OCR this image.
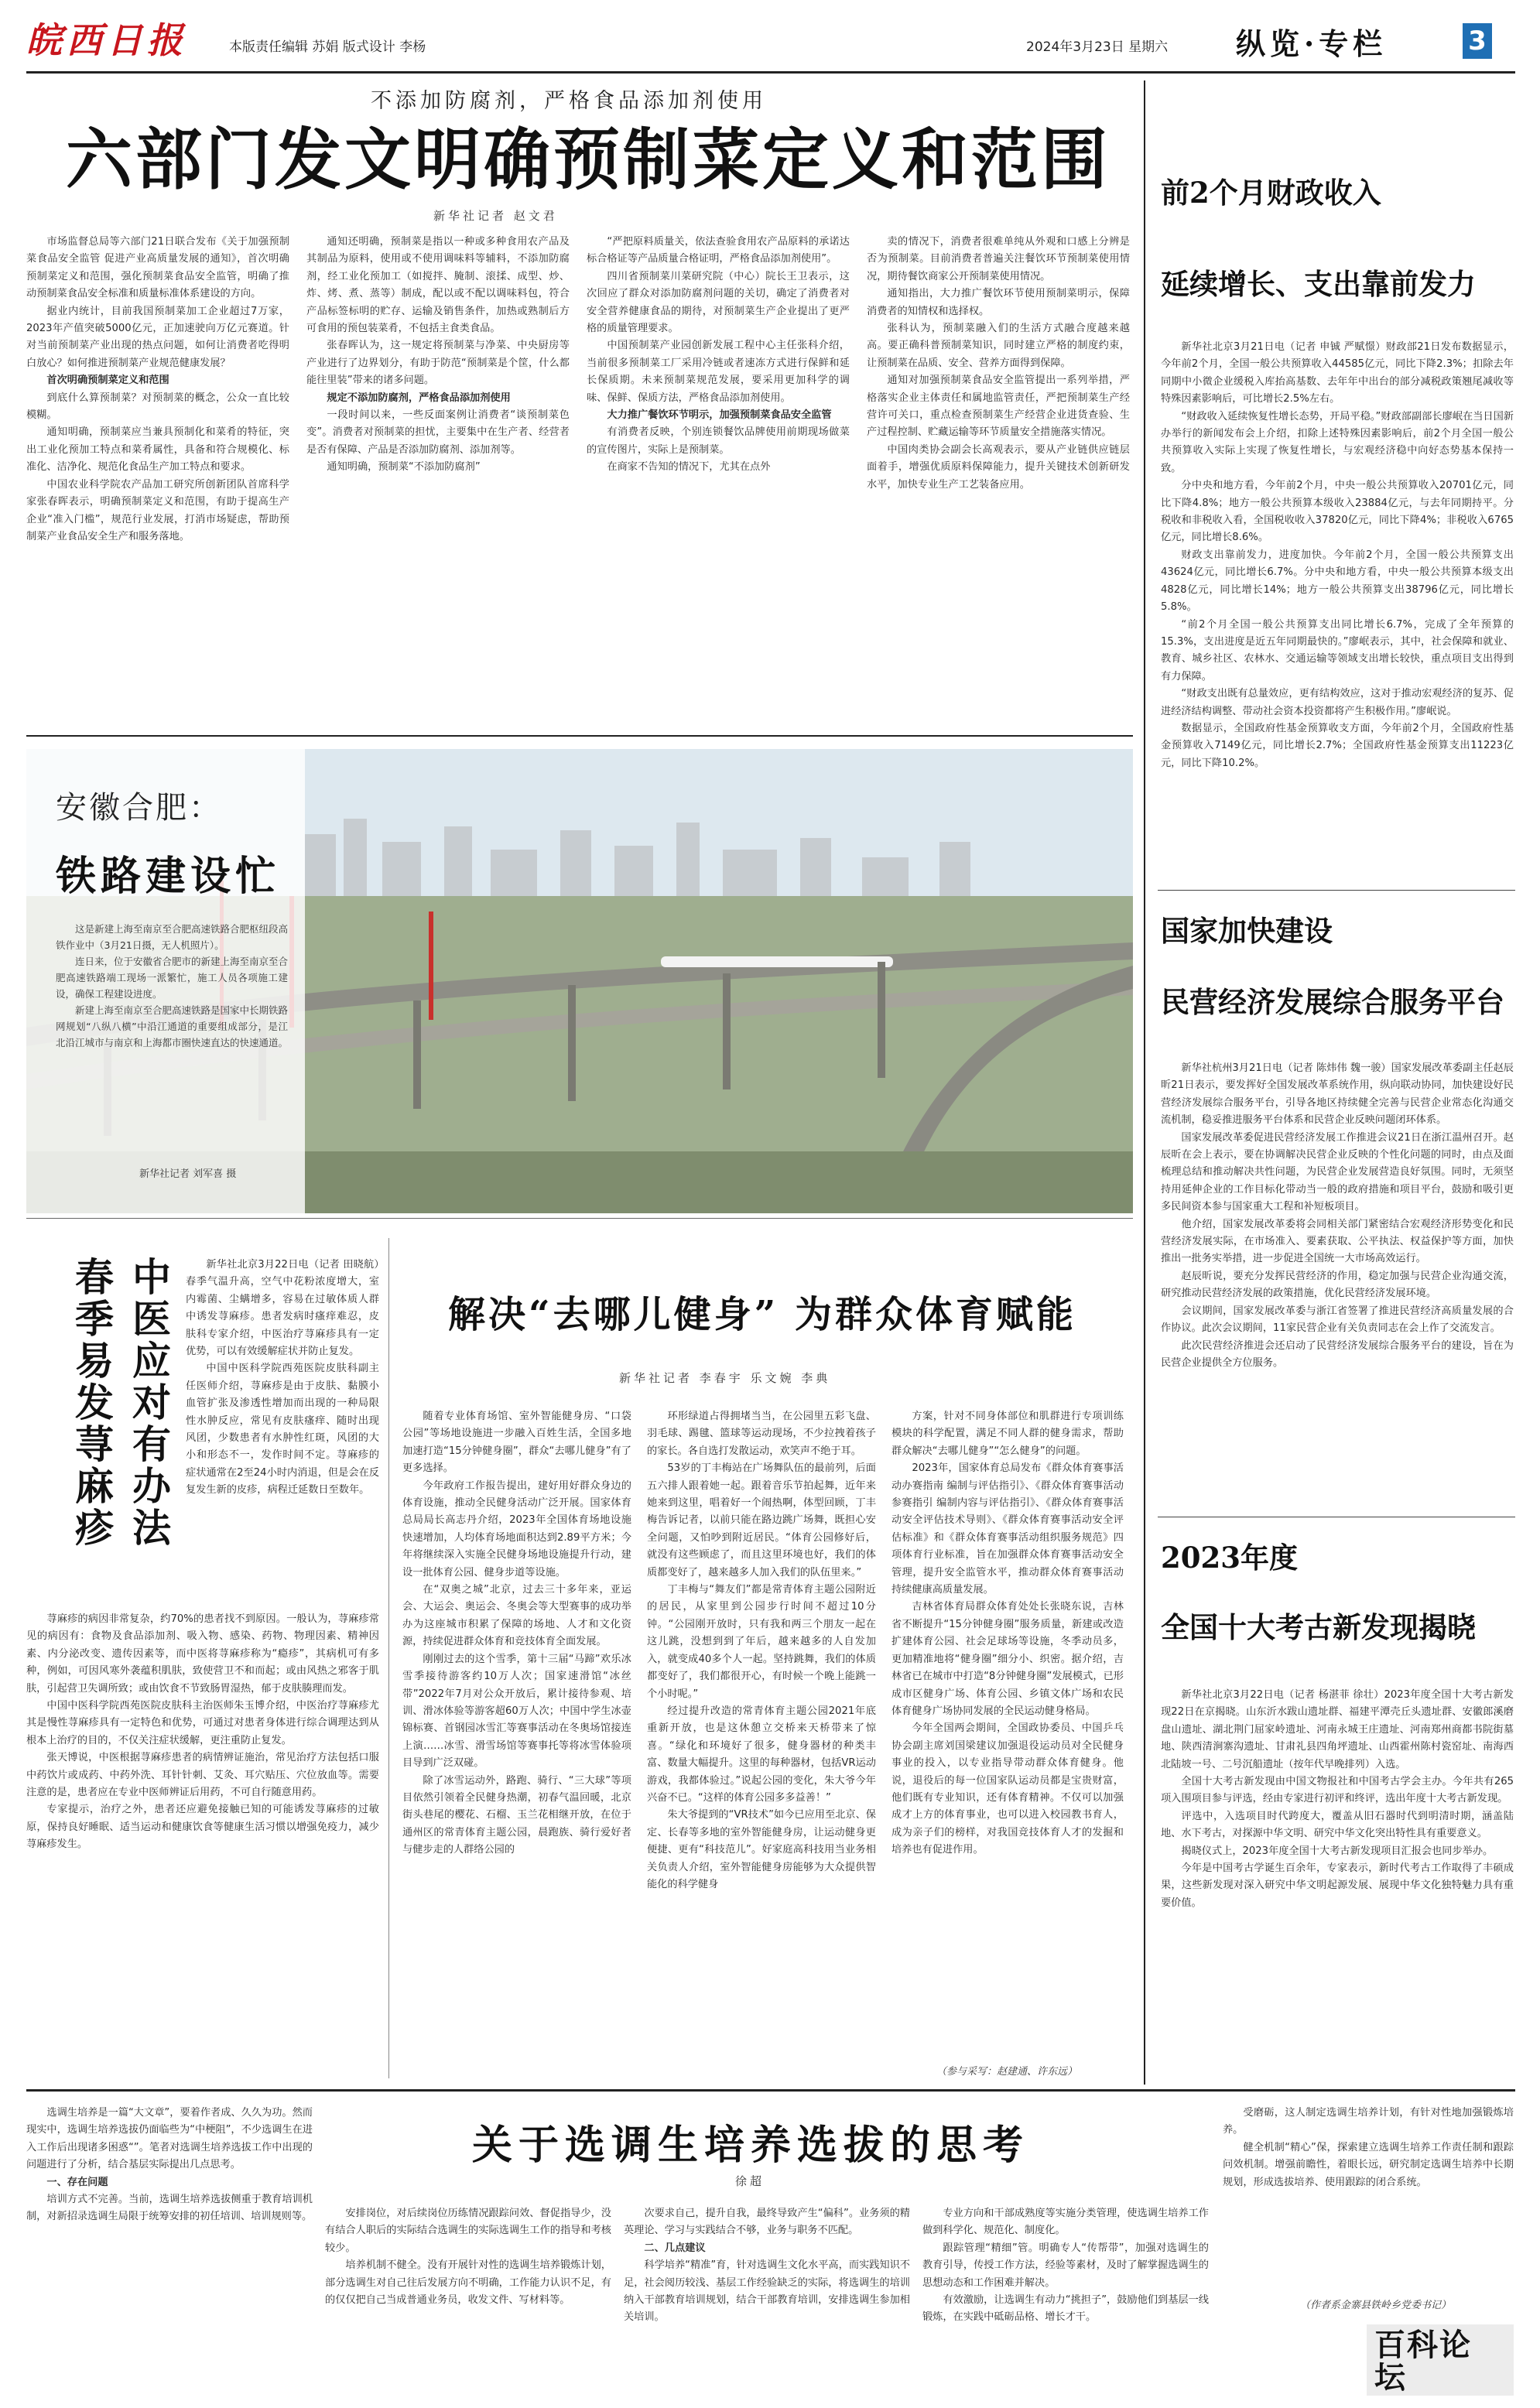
皖西日报	本版责任编辑 苏娟 版式设计 李杨	2024年3月23日 星期六 纵览·专栏	3
不添加防腐剂，严格食品添加剂使用
六部门发文明确预制菜定义和范围
新华社记者 赵文君

市场监督总局等六部门21日联合发布《关于加强预制菜食品安全监管 促进产业高质量发展的通知》，首次明确预制菜定义和范围，强化预制菜食品安全监管，明确了推动预制菜食品安全标准和质量标准体系建设的方向。

据业内统计，目前我国预制菜加工企业超过7万家，2023年产值突破5000亿元，正加速驶向万亿元赛道。针对当前预制菜产业出现的热点问题，如何让消费者吃得明白放心？如何推进预制菜产业规范健康发展？

首次明确预制菜定义和范围

到底什么算预制菜？对预制菜的概念，公众一直比较模糊。

通知明确，预制菜应当兼具预制化和菜肴的特征，突出工业化预加工特点和菜肴属性，具备和符合规模化、标准化、洁净化、规范化食品生产加工特点和要求。

中国农业科学院农产品加工研究所创新团队首席科学家张春晖表示，明确预制菜定义和范围，有助于提高生产企业“准入门槛”，规范行业发展，打消市场疑虑，帮助预制菜产业食品安全生产和服务落地。

通知还明确，预制菜是指以一种或多种食用农产品及其制品为原料，使用或不使用调味料等辅料，不添加防腐剂，经工业化预加工（如搅拌、腌制、滚揉、成型、炒、炸、烤、煮、蒸等）制成，配以或不配以调味料包，符合产品标签标明的贮存、运输及销售条件，加热或熟制后方可食用的预包装菜肴，不包括主食类食品。

张春晖认为，这一规定将预制菜与净菜、中央厨房等产业进行了边界划分，有助于防范“预制菜是个筐，什么都能往里装”带来的诸多问题。

规定不添加防腐剂，严格食品添加剂使用

一段时间以来，一些反面案例让消费者“谈预制菜色变”。消费者对预制菜的担忧，主要集中在生产者、经营者是否有保障、产品是否添加防腐剂、添加剂等。

通知明确，预制菜“不添加防腐剂”

“严把原料质量关，依法查验食用农产品原料的承诺达标合格证等产品质量合格证明，严格食品添加剂使用”。

四川省预制菜川菜研究院（中心）院长王卫表示，这次回应了群众对添加防腐剂问题的关切，确定了消费者对安全营养健康食品的期待，对预制菜生产企业提出了更严格的质量管理要求。

中国预制菜产业园创新发展工程中心主任张科介绍，当前很多预制菜工厂采用冷链或者速冻方式进行保鲜和延长保质期。未来预制菜规范发展，要采用更加科学的调味、保鲜、保质方法，严格食品添加剂使用。

大力推广餐饮环节明示，加强预制菜食品安全监管

有消费者反映，个别连锁餐饮品牌使用前期现场做菜的宣传图片，实际上是预制菜。

在商家不告知的情况下，尤其在点外

卖的情况下，消费者很难单纯从外观和口感上分辨是否为预制菜。目前消费者普遍关注餐饮环节预制菜使用情况，期待餐饮商家公开预制菜使用情况。

通知指出，大力推广餐饮环节使用预制菜明示，保障消费者的知情权和选择权。

张科认为，预制菜融入们的生活方式融合度越来越高。要正确科普预制菜知识，同时建立严格的制度约束，让预制菜在品质、安全、营养方面得到保障。

通知对加强预制菜食品安全监管提出一系列举措，严格落实企业主体责任和属地监管责任，严把预制菜生产经营许可关口，重点检查预制菜生产经营企业进货查验、生产过程控制、贮藏运输等环节质量安全措施落实情况。

中国肉类协会副会长高观表示，要从产业链供应链层面着手，增强优质原料保障能力，提升关键技术创新研发水平，加快专业生产工艺装备应用。

安徽合肥：
铁路建设忙

这是新建上海至南京至合肥高速铁路合肥枢纽段高铁作业中（3月21日摄，无人机照片）。

连日来，位于安徽省合肥市的新建上海至南京至合肥高速铁路端工现场一派繁忙，施工人员各项施工建设，确保工程建设进度。

新建上海至南京至合肥高速铁路是国家中长期铁路网规划“八纵八横”中沿江通道的重要组成部分，是江北沿江城市与南京和上海都市圈快速直达的快速通道。

新华社记者 刘军喜 摄
春季易发荨麻疹 中医应对有办法	新华社北京3月22日电（记者 田晓航）春季气温升高，空气中花粉浓度增大，室内霉菌、尘螨增多，容易在过敏体质人群中诱发荨麻疹。患者发病时瘙痒难忍，皮肤科专家介绍，中医治疗荨麻疹具有一定优势，可以有效缓解症状并防止复发。

中国中医科学院西苑医院皮肤科副主任医师介绍，荨麻疹是由于皮肤、黏膜小血管扩张及渗透性增加而出现的一种局限性水肿反应，常见有皮肤瘙痒、随时出现风团，少数患者有水肿性红斑，风团的大小和形态不一，发作时间不定。荨麻疹的症状通常在2至24小时内消退，但是会在反复发生新的皮疹，病程迁延数日至数年。

荨麻疹的病因非常复杂，约70%的患者找不到原因。一般认为，荨麻疹常见的病因有：食物及食品添加剂、吸入物、感染、药物、物理因素、精神因素、内分泌改变、遗传因素等，而中医将荨麻疹称为“瘾疹”，其病机可有多种，例如，可因风寒外袭蕴积肌肤，致使营卫不和而起；或由风热之邪客于肌肤，引起营卫失调所致；或由饮食不节致肠胃湿热，郁于皮肤腠理而发。

中国中医科学院西苑医院皮肤科主治医师朱玉博介绍，中医治疗荨麻疹尤其是慢性荨麻疹具有一定特色和优势，可通过对患者身体进行综合调理达到从根本上治疗的目的，不仅关注症状缓解，更注重防止复发。

张天博说，中医根据荨麻疹患者的病情辨证施治，常见治疗方法包括口服中药饮片或成药、中药外洗、耳针针刺、艾灸、耳穴贴压、穴位放血等。需要注意的是，患者应在专业中医师辨证后用药，不可自行随意用药。

专家提示，治疗之外，患者还应避免接触已知的可能诱发荨麻疹的过敏原，保持良好睡眠、适当运动和健康饮食等健康生活习惯以增强免疫力，减少荨麻疹发生。

解决“去哪儿健身” 为群众体育赋能
新华社记者 李春宇 乐文婉 李典

随着专业体育场馆、室外智能健身房、“口袋公园”等场地设施进一步融入百姓生活，全国多地加速打造“15分钟健身圈”，群众“去哪儿健身”有了更多选择。

今年政府工作报告提出，建好用好群众身边的体育设施，推动全民健身活动广泛开展。国家体育总局局长高志丹介绍，2023年全国体育场地设施快速增加，人均体育场地面积达到2.89平方米；今年将继续深入实施全民健身场地设施提升行动，建设一批体育公园、健身步道等设施。

在“双奥之城”北京，过去三十多年来，亚运会、大运会、奥运会、冬奥会等大型赛事的成功举办为这座城市积累了保障的场地、人才和文化资源，持续促进群众体育和竞技体育全面发展。

刚刚过去的这个雪季，第十三届“马蹄”欢乐冰雪季接待游客约10万人次；国家速滑馆“冰丝带”2022年7月对公众开放后，累计接待参观、培训、滑冰体验等游客超60万人次；中国中学生冰壶锦标赛、首钢园冰雪汇等赛事活动在冬奥场馆接连上演……冰雪、滑雪场馆等赛事托等将冰雪体验项目导到广泛双碰。

除了冰雪运动外，路跑、骑行、“三大球”等项目依然引领着全民健身热潮，初春气温回暖，北京街头巷尾的樱花、石榴、玉兰花相继开放，在位于通州区的常青体育主题公园，晨跑族、骑行爱好者与健步走的人群络公园的

环形绿道占得拥堵当当，在公园里五彩飞盘、羽毛球、踢毽、篮球等运动现场，不少拉拽着孩子的家长。各自选打发散运动，欢笑声不绝于耳。

53岁的丁丰梅站在广场舞队伍的最前列，后面五六排人跟着她一起。跟着音乐节拍起舞，近年来她来到这里，唱着好一个闹热啊，体型回顾，丁丰梅告诉记者，以前只能在路边跳广场舞，既担心安全问题，又怕吵到附近居民。“体育公园修好后，就没有这些顾虑了，而且这里环境也好，我们的体质都变好了，越来越多人加入我们的队伍里来。”

丁丰梅与“舞友们”都是常青体育主题公园附近的居民，从家里到公园步行时间不超过10分钟。“公园刚开放时，只有我和两三个朋友一起在这儿跳，没想到到了年后，越来越多的人自发加入，就变成40多个人一起。坚持跳舞，我们的体质都变好了，我们都很开心，有时候一个晚上能跳一个小时呢。”

经过提升改造的常青体育主题公园2021年底重新开放，也是这休憩立交桥来天桥带来了惊喜。“绿化和环境好了很多，健身器材的种类丰富、数量大幅提升。这里的每种器材，包括VR运动游戏，我都体验过。”说起公园的变化，朱大爷今年兴奋不已。“这样的体育公园多多益善！”

朱大爷提到的“VR技术”如今已应用至北京、保定、长春等多地的室外智能健身房，让运动健身更便捷、更有“科技范儿”。好家庭高科技用当业务相关负责人介绍，室外智能健身房能够为大众提供智能化的科学健身

方案，针对不同身体部位和肌群进行专项训练模块的科学配置，满足不同人群的健身需求，帮助群众解决“去哪儿健身”“怎么健身”的问题。

2023年，国家体育总局发布《群众体育赛事活动办赛指南 编制与评估指引》、《群众体育赛事活动参赛指引 编制内容与评估指引》、《群众体育赛事活动安全评估技术导则》、《群众体育赛事活动安全评估标准》和《群众体育赛事活动组织服务规范》四项体育行业标准，旨在加强群众体育赛事活动安全管理，提升安全监管水平，推动群众体育赛事活动持续健康高质量发展。

吉林省体育局群众体育处处长张晓东说，吉林省不断提升“15分钟健身圈”服务质量，新建或改造扩建体育公园、社会足球场等设施，冬季动员多，更加精准地将“健身圈”细分小、织密。据介绍，吉林省已在城市中打造“8分钟健身圈”发展模式，已形成市区健身广场、体育公园、乡镇文体广场和农民体育健身广场协同发展的全民运动健身格局。

今年全国两会期间，全国政协委员、中国乒乓协会副主席刘国梁建议加强退役运动员对全民健身事业的投入，以专业指导带动群众体育健身。他说，退役后的每一位国家队运动员都是宝贵财富，他们既有专业知识，还有体育精神。不仅可以加强成才上方的体育事业，也可以进入校园教书育人，成为亲子们的榜样，对我国竞技体育人才的发掘和培养也有促进作用。

（参与采写：赵建通、许东远）
前2个月财政收入
延续增长、支出靠前发力

新华社北京3月21日电（记者 申铖 严赋憬）财政部21日发布数据显示，今年前2个月，全国一般公共预算收入44585亿元，同比下降2.3%；扣除去年同期中小微企业缓税入库抬高基数、去年年中出台的部分减税政策翘尾减收等特殊因素影响后，可比增长2.5%左右。

“财政收入延续恢复性增长态势，开局平稳。”财政部副部长廖岷在当日国新办举行的新闻发布会上介绍，扣除上述特殊因素影响后，前2个月全国一般公共预算收入实际上实现了恢复性增长，与宏观经济稳中向好态势基本保持一致。

分中央和地方看，今年前2个月，中央一般公共预算收入20701亿元，同比下降4.8%；地方一般公共预算本级收入23884亿元，与去年同期持平。分税收和非税收入看，全国税收收入37820亿元，同比下降4%；非税收入6765亿元，同比增长8.6%。

财政支出靠前发力，进度加快。今年前2个月，全国一般公共预算支出43624亿元，同比增长6.7%。分中央和地方看，中央一般公共预算本级支出4828亿元，同比增长14%；地方一般公共预算支出38796亿元，同比增长5.8%。

“前2个月全国一般公共预算支出同比增长6.7%，完成了全年预算的15.3%，支出进度是近五年同期最快的。”廖岷表示，其中，社会保障和就业、教育、城乡社区、农林水、交通运输等领域支出增长较快，重点项目支出得到有力保障。

“财政支出既有总量效应，更有结构效应，这对于推动宏观经济的复苏、促进经济结构调整、带动社会资本投资都将产生积极作用。”廖岷说。

数据显示，全国政府性基金预算收支方面，今年前2个月，全国政府性基金预算收入7149亿元，同比增长2.7%；全国政府性基金预算支出11223亿元，同比下降10.2%。

国家加快建设
民营经济发展综合服务平台

新华社杭州3月21日电（记者 陈炜伟 魏一骏）国家发展改革委副主任赵辰昕21日表示，要发挥好全国发展改革系统作用，纵向联动协同，加快建设好民营经济发展综合服务平台，引导各地区持续健全完善与民营企业常态化沟通交流机制，稳妥推进服务平台体系和民营企业反映问题闭环体系。

国家发展改革委促进民营经济发展工作推进会议21日在浙江温州召开。赵辰昕在会上表示，要在协调解决民营企业反映的个性化问题的同时，由点及面梳理总结和推动解决共性问题，为民营企业发展营造良好氛围。同时，无须坚持用延伸企业的工作目标化带动当一般的政府措施和项目平台，鼓励和吸引更多民间资本参与国家重大工程和补短板项目。

他介绍，国家发展改革委将会同相关部门紧密结合宏观经济形势变化和民营经济发展实际，在市场准入、要素获取、公平执法、权益保护等方面，加快推出一批务实举措，进一步促进全国统一大市场高效运行。

赵辰昕说，要充分发挥民营经济的作用，稳定加强与民营企业沟通交流，研究推动民营经济发展的政策措施，优化民营经济发展环境。

会议期间，国家发展改革委与浙江省签署了推进民营经济高质量发展的合作协议。此次会议期间，11家民营企业有关负责同志在会上作了交流发言。

此次民营经济推进会还启动了民营经济发展综合服务平台的建设，旨在为民营企业提供全方位服务。

2023年度
全国十大考古新发现揭晓

新华社北京3月22日电（记者 杨湛菲 徐壮）2023年度全国十大考古新发现22日在京揭晓。山东沂水跋山遗址群、福建平潭壳丘头遗址群、安徽郎溪磨盘山遗址、湖北荆门屈家岭遗址、河南永城王庄遗址、河南郑州商都书院街墓地、陕西清涧寨沟遗址、甘肃礼县四角坪遗址、山西霍州陈村瓷窑址、南海西北陆坡一号、二号沉船遗址（按年代早晚排列）入选。

全国十大考古新发现由中国文物报社和中国考古学会主办。今年共有265项入围项目参与评选，经由专家进行初评和终评，选出年度十大考古新发现。

评选中，入选项目时代跨度大，覆盖从旧石器时代到明清时期，涵盖陆地、水下考古，对探源中华文明、研究中华文化突出特性具有重要意义。

揭晓仪式上，2023年度全国十大考古新发现项目汇报会也同步举办。

今年是中国考古学诞生百余年，专家表示，新时代考古工作取得了丰硕成果，这些新发现对深入研究中华文明起源发展、展现中华文化独特魅力具有重要价值。

关于选调生培养选拔的思考
徐超

选调生培养是一篇“大文章”，要着作者成、久久为功。然而现实中，选调生培养选拔仍面临些为“中梗阻”，不少选调生在进入工作后出现诸多困惑“”。笔者对选调生培养选拔工作中出现的问题进行了分析，结合基层实际提出几点思考。

一、存在问题

培训方式不完善。当前，选调生培养选拔侧重于教育培训机制，对新招录选调生局限于统筹安排的初任培训、培训规则等。	安排岗位，对后续岗位历练情况跟踪问效、督促指导少，没有结合人职后的实际结合选调生的实际选调生工作的指导和考核较少。

培养机制不健全。没有开展针对性的选调生培养锻炼计划，部分选调生对自己往后发展方向不明确，工作能力认识不足，有的仅仅把自己当成普通业务员，收发文件、写材料等。

次要求自己，提升自我，最终导致产生“偏科”。业务须的精英理论、学习与实践结合不够，业务与职务不匹配。

二、几点建议

科学培养“精准”育，针对选调生文化水平高，而实践知识不足，社会阅历较浅、基层工作经验缺乏的实际，将选调生的培训纳入干部教育培训规划，结合干部教育培训，安排选调生参加相关培训。

专业方向和干部成熟度等实施分类管理，使选调生培养工作做到科学化、规范化、制度化。

跟踪管理“精细”管。明确专人“传帮带”，加强对选调生的教育引导，传授工作方法，经验等素材，及时了解掌握选调生的思想动态和工作困难并解决。

有效激励，让选调生有动力“挑担子”，鼓励他们到基层一线锻炼，在实践中砥砺品格、增长才干。

受磨砺，这人制定选调生培养计划，有针对性地加强锻炼培养。

健全机制“精心”保，探索建立选调生培养工作责任制和跟踪问效机制。增强前瞻性，着眼长远，研究制定选调生培养中长期规划，形成选拔培养、使用跟踪的闭合系统。

（作者系金寨县铁岭乡党委书记）
百科论坛
